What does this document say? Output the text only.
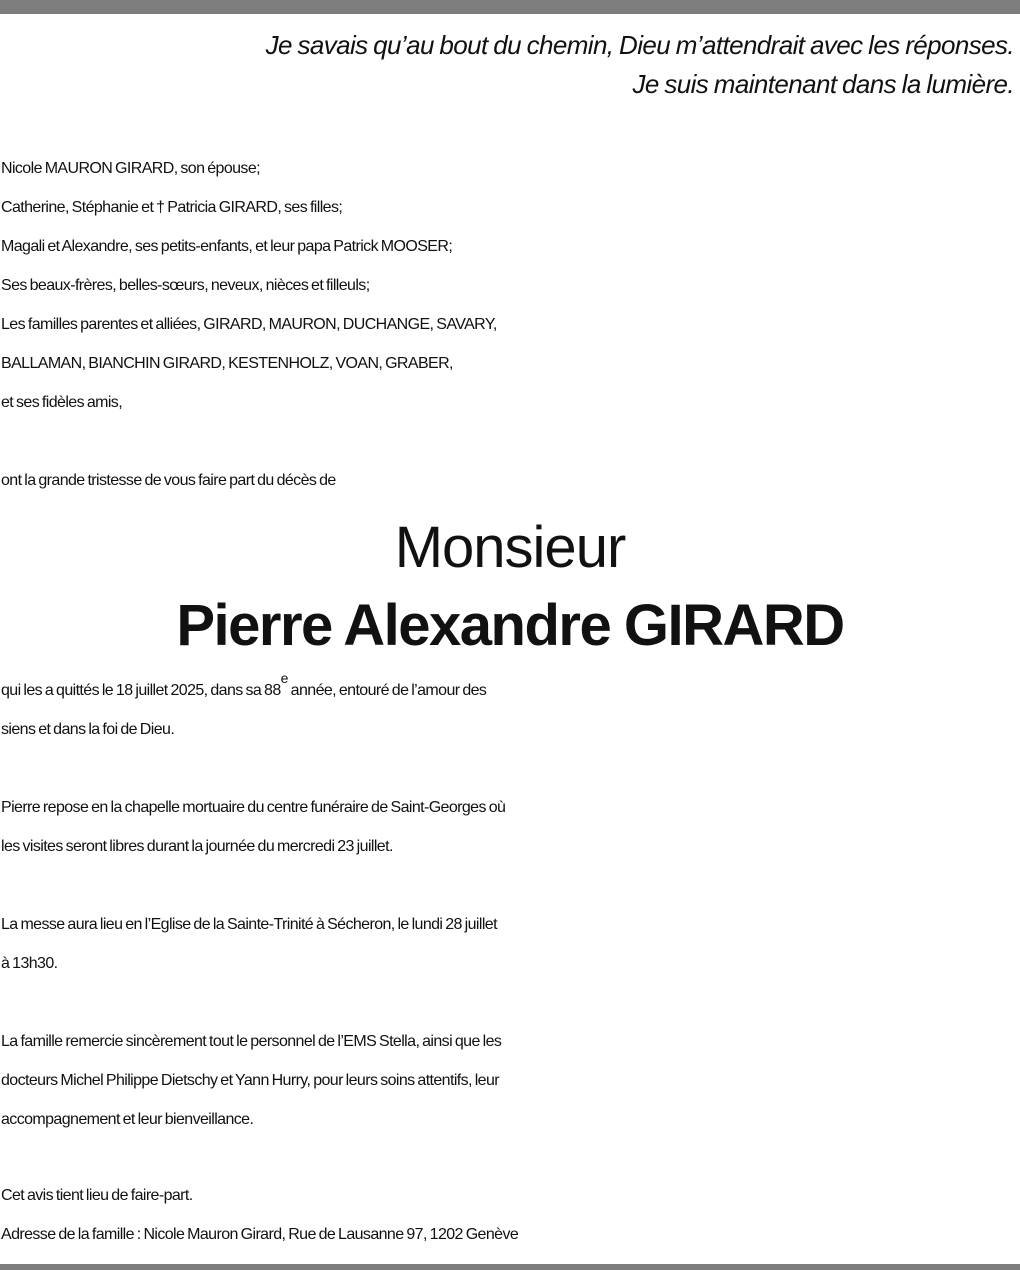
Je savais qu’au bout du chemin, Dieu m’attendrait avec les réponses.
Je suis maintenant dans la lumière.
Nicole MAURON GIRARD, son épouse;
Catherine, Stéphanie et † Patricia GIRARD, ses filles;
Magali et Alexandre, ses petits-enfants, et leur papa Patrick MOOSER;
Ses beaux-frères, belles-sœurs, neveux, nièces et filleuls;
Les familles parentes et alliées, GIRARD, MAURON, DUCHANGE, SAVARY,
BALLAMAN, BIANCHIN GIRARD, KESTENHOLZ, VOAN, GRABER,
et ses fidèles amis,
ont la grande tristesse de vous faire part du décès de
Monsieur
Pierre Alexandre GIRARD
qui les a quittés le 18 juillet 2025, dans sa 88e année, entouré de l’amour des
siens et dans la foi de Dieu.
Pierre repose en la chapelle mortuaire du centre funéraire de Saint-Georges où
les visites seront libres durant la journée du mercredi 23 juillet.
La messe aura lieu en l’Eglise de la Sainte-Trinité à Sécheron, le lundi 28 juillet
à 13h30.
La famille remercie sincèrement tout le personnel de l’EMS Stella, ainsi que les
docteurs Michel Philippe Dietschy et Yann Hurry, pour leurs soins attentifs, leur
accompagnement et leur bienveillance.
Cet avis tient lieu de faire-part.
Adresse de la famille : Nicole Mauron Girard, Rue de Lausanne 97, 1202 Genève
